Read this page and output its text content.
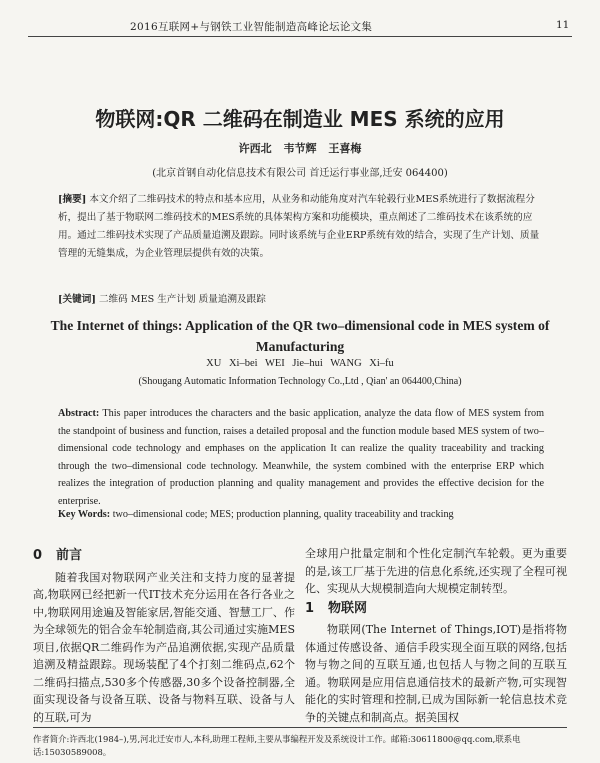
2016互联网+与钢铁工业智能制造高峰论坛论文集	11
物联网:QR 二维码在制造业 MES 系统的应用
许西北 韦节辉 王喜梅
(北京首钢自动化信息技术有限公司 首迁运行事业部,迁安 064400)
[摘要] 本文介绍了二维码技术的特点和基本应用，从业务和动能角度对汽车轮毂行业MES系统进行了数据流程分析，提出了基于物联网二维码技术的MES系统的具体架构方案和功能模块，重点阐述了二维码技术在该系统的应用。通过二维码技术实现了产品质量追溯及跟踪。同时该系统与企业ERP系统有效的结合，实现了生产计划、质量管理的无缝集成，为企业管理层提供有效的决策。
[关键词] 二维码 MES 生产计划 质量追溯及跟踪
The Internet of things: Application of the QR two–dimensional code in MES system of Manufacturing
XU Xi–bei WEI Jie–hui WANG Xi–fu
(Shougang Automatic Information Technology Co.,Ltd , Qian' an 064400,China)
Abstract: This paper introduces the characters and the basic application, analyze the data flow of MES system from the standpoint of business and function, raises a detailed proposal and the function module based MES system of two–dimensional code technology and emphases on the application It can realize the quality traceability and tracking through the two–dimensional code technology. Meanwhile, the system combined with the enterprise ERP which realizes the integration of production planning and quality management and provides the effective decision for the enterprise.
Key Words: two–dimensional code; MES; production planning, quality traceability and tracking
0 前言

随着我国对物联网产业关注和支持力度的显著提高,物联网已经把新一代IT技术充分运用在各行各业之中,物联网用途遍及智能家居,智能交通、智慧工厂、作为全球领先的铝合金车轮制造商,其公司通过实施MES项目,依据QR二维码作为产品追溯依据,实现产品质量追溯及精益跟踪。现场装配了4个打刻二维码点,62个二维码扫描点,530多个传感器,30多个设备控制器,全面实现设备与设备互联、设备与物料互联、设备与人的互联,可为

全球用户批量定制和个性化定制汽车轮毂。更为重要的是,该工厂基于先进的信息化系统,还实现了全程可视化、实现从大规模制造向大规模定制转型。

1 物联网

物联网(The Internet of Things,IOT)是指将物体通过传感设备、通信手段实现全面互联的网络,包括物与物之间的互联互通,也包括人与物之间的互联互通。物联网是应用信息通信技术的最新产物,可实现智能化的实时管理和控制,已成为国际新一轮信息技术竞争的关键点和制高点。据美国权

作者简介:许西北(1984–),男,河北迁安市人,本科,助理工程师,主要从事编程开发及系统设计工作。邮箱:30611800@qq.com,联系电话:15030589008。
